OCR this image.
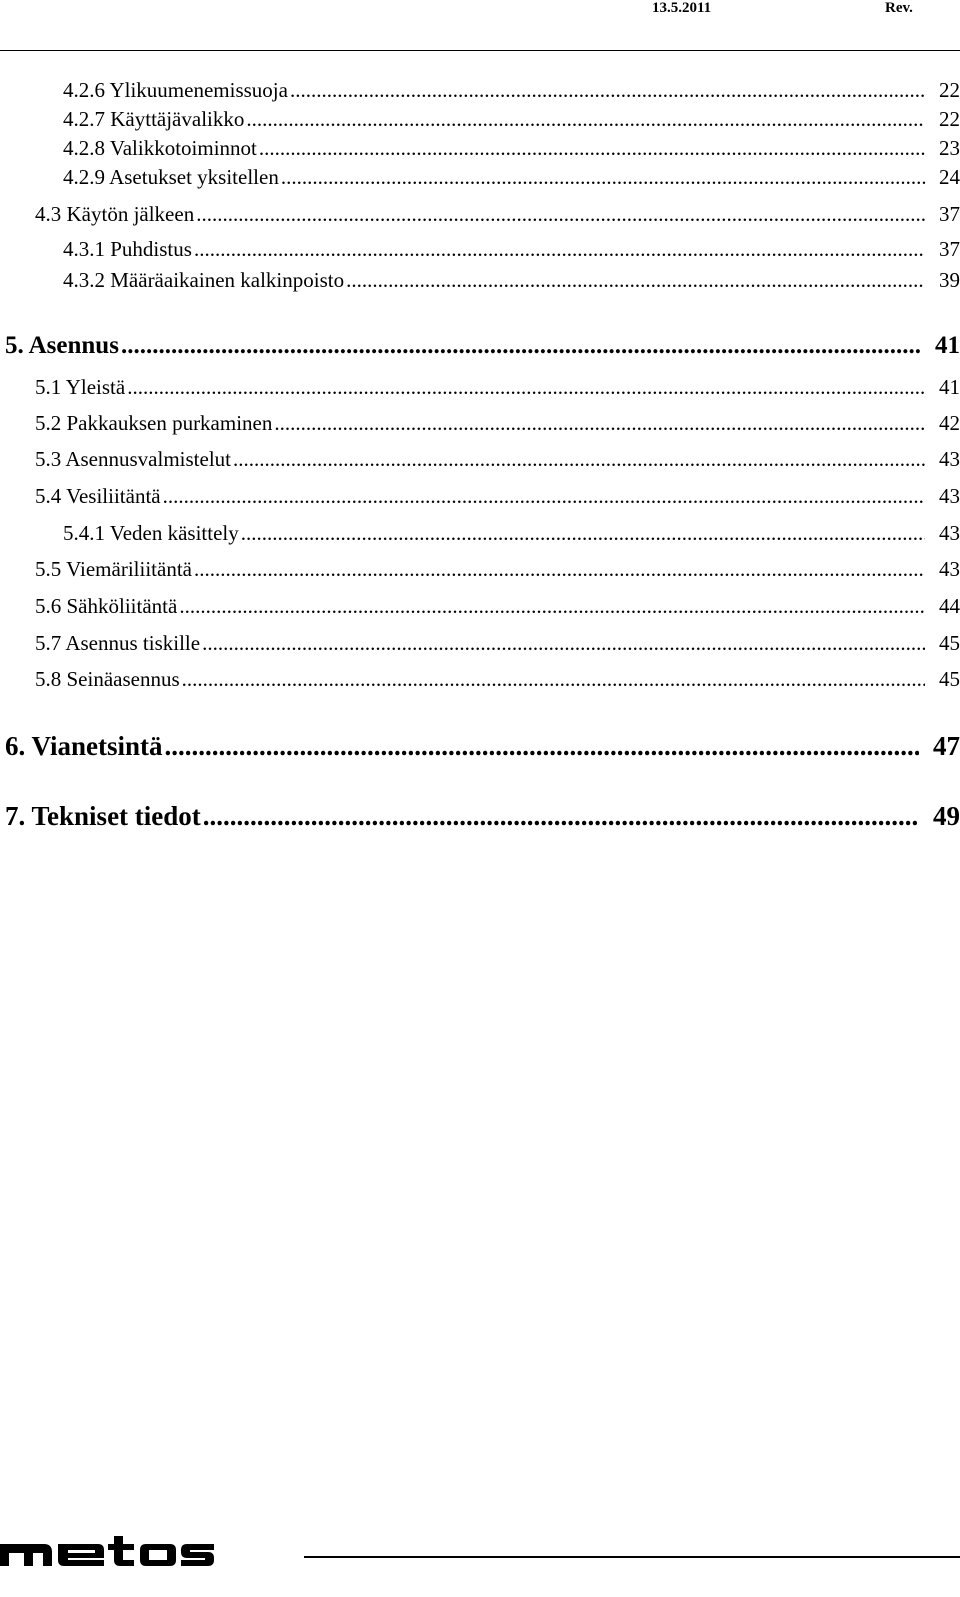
13.5.2011	Rev.
4.2.6 Ylikuumenemissuoja .....	22
4.2.7 Käyttäjävalikko .....	22
4.2.8 Valikkotoiminnot .....	23
4.2.9 Asetukset yksitellen .....	24
4.3 Käytön jälkeen .....	37
4.3.1 Puhdistus .....	37
4.3.2 Määräaikainen kalkinpoisto .....	39
5. Asennus .....	41
5.1 Yleistä .....	41
5.2 Pakkauksen purkaminen .....	42
5.3 Asennusvalmistelut .....	43
5.4 Vesiliitäntä .....	43
5.4.1 Veden käsittely .....	43
5.5 Viemäriliitäntä .....	43
5.6 Sähköliitäntä .....	44
5.7 Asennus tiskille .....	45
5.8 Seinäasennus .....	45
6. Vianetsintä .....	47
7. Tekniset tiedot .....	49
